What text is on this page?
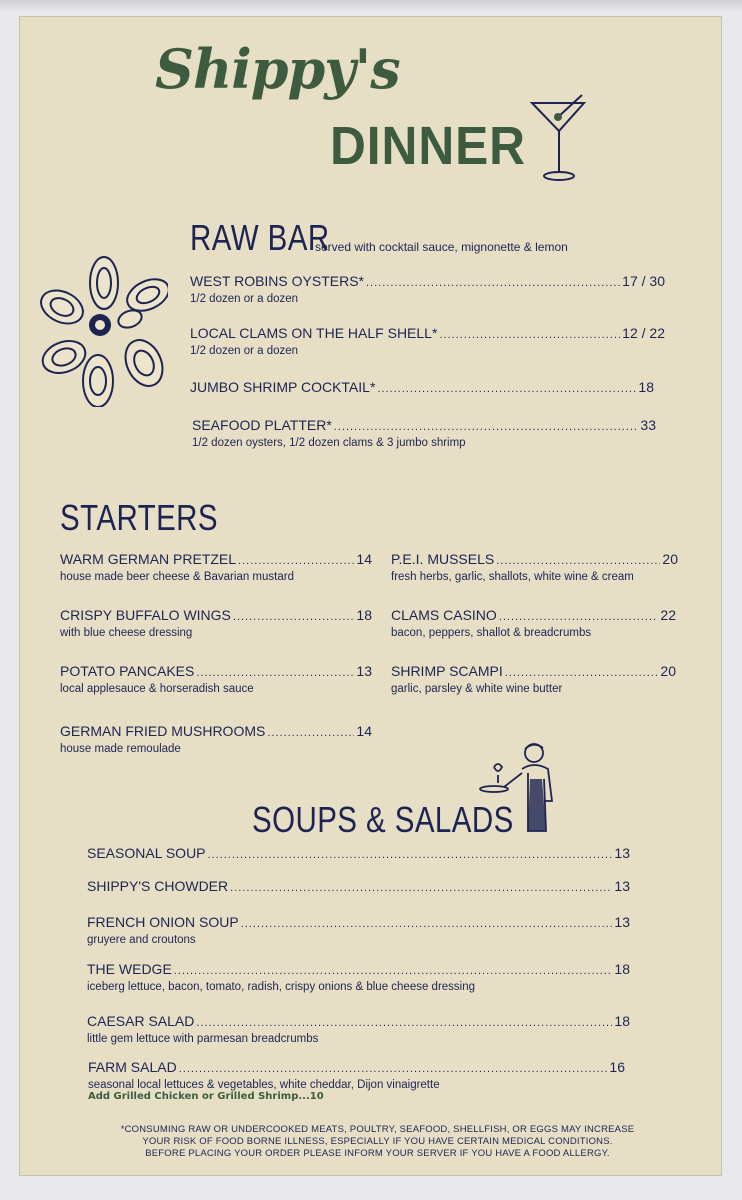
Shippy's
DINNER
RAW BAR
served with cocktail sauce, mignonette & lemon
WEST ROBINS OYSTERS* .....	17 / 30
1/2 dozen or a dozen
LOCAL CLAMS ON THE HALF SHELL* .....	12 / 22
1/2 dozen or a dozen
JUMBO SHRIMP COCKTAIL* .....	18
SEAFOOD PLATTER* .....	33
1/2 dozen oysters, 1/2 dozen clams & 3 jumbo shrimp
STARTERS
WARM GERMAN PRETZEL .....	14
house made beer cheese & Bavarian mustard
CRISPY BUFFALO WINGS .....	18
with blue cheese dressing
POTATO PANCAKES .....	13
local applesauce & horseradish sauce
GERMAN FRIED MUSHROOMS .....	14
house made remoulade
P.E.I. MUSSELS .....	20
fresh herbs, garlic, shallots, white wine & cream
CLAMS CASINO .....	22
bacon, peppers, shallot & breadcrumbs
SHRIMP SCAMPI .....	20
garlic, parsley & white wine butter
SOUPS & SALADS
SEASONAL SOUP .....	13
SHIPPY'S CHOWDER .....	13
FRENCH ONION SOUP .....	13
gruyere and croutons
THE WEDGE .....	18
iceberg lettuce, bacon, tomato, radish, crispy onions & blue cheese dressing
CAESAR SALAD .....	18
little gem lettuce with parmesan breadcrumbs
FARM SALAD .....	16
seasonal local lettuces & vegetables, white cheddar, Dijon vinaigrette
Add Grilled Chicken or Grilled Shrimp...10
*CONSUMING RAW OR UNDERCOOKED MEATS, POULTRY, SEAFOOD, SHELLFISH, OR EGGS MAY INCREASE
YOUR RISK OF FOOD BORNE ILLNESS, ESPECIALLY IF YOU HAVE CERTAIN MEDICAL CONDITIONS.
BEFORE PLACING YOUR ORDER PLEASE INFORM YOUR SERVER IF YOU HAVE A FOOD ALLERGY.
